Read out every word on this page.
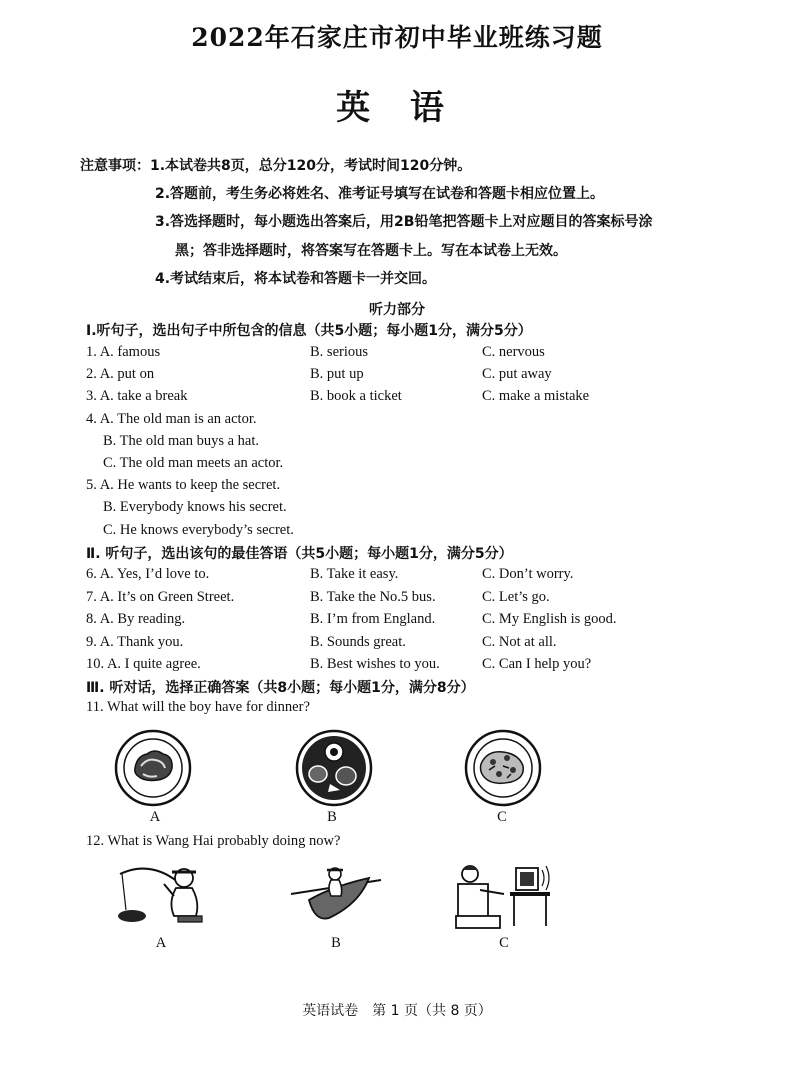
2022年石家庄市初中毕业班练习题
英 语
注意事项：1.本试卷共8页，总分120分，考试时间120分钟。
2.答题前，考生务必将姓名、准考证号填写在试卷和答题卡相应位置上。
3.答选择题时，每小题选出答案后，用2B铅笔把答题卡上对应题目的答案标号涂
黑；答非选择题时，将答案写在答题卡上。写在本试卷上无效。
4.考试结束后，将本试卷和答题卡一并交回。
听力部分
Ⅰ.听句子，选出句子中所包含的信息（共5小题；每小题1分，满分5分）
1. A. famous	B. serious	C. nervous
2. A. put on	B. put up	C. put away
3. A. take a break	B. book a ticket	C. make a mistake
4. A. The old man is an actor.
B. The old man buys a hat.
C. The old man meets an actor.
5. A. He wants to keep the secret.
B. Everybody knows his secret.
C. He knows everybody’s secret.
Ⅱ. 听句子，选出该句的最佳答语（共5小题；每小题1分，满分5分）
6. A. Yes, I’d love to.	B. Take it easy.	C. Don’t worry.
7. A. It’s on Green Street.	B. Take the No.5 bus.	C. Let’s go.
8. A. By reading.	B. I’m from England.	C. My English is good.
9. A. Thank you.	B. Sounds great.	C. Not at all.
10. A. I quite agree.	B. Best wishes to you.	C. Can I help you?
Ⅲ. 听对话，选择正确答案（共8小题；每小题1分，满分8分）
11. What will the boy have for dinner?
A	B	C
12. What is Wang Hai probably doing now?
A	B	C
英语试卷　第 1 页（共 8 页）
